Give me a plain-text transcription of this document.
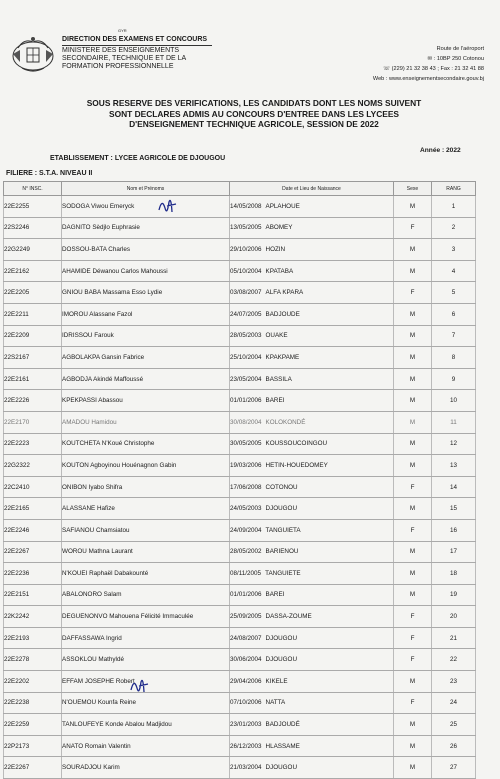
GYR
DIRECTION DES EXAMENS ET CONCOURS
MINISTERE DES ENSEIGNEMENTS
SECONDAIRE, TECHNIQUE ET DE LA
FORMATION PROFESSIONNELLE
Route de l'aéroport
✉ : 10BP 250 Cotonou
☏ (229) 21 32 38 43 ; Fax : 21 32 41 88
Web : www.enseignementsecondaire.gouv.bj
SOUS RESERVE DES VERIFICATIONS, LES CANDIDATS DONT LES NOMS SUIVENT
SONT DECLARES ADMIS AU CONCOURS D'ENTREE DANS LES LYCEES
D'ENSEIGNEMENT TECHNIQUE AGRICOLE, SESSION DE 2022
Année : 2022
ETABLISSEMENT : LYCEE AGRICOLE DE DJOUGOU
FILIERE : S.T.A. NIVEAU II
N° INSC.	Nom et Prénoms	Date et Lieu de Naissance	Sexe	RANG
22E2255	SODOGA Viwou Emeryck	14/05/2008 APLAHOUE	M	1
22S2246	DAGNITO Sèdjlo Euphrasie	13/05/2005 ABOMEY	F	2
22G2249	DOSSOU-BATA Charles	29/10/2006 HOZIN	M	3
22E2162	AHAMIDE Déwanou Carlos Mahoussi	05/10/2004 KPATABA	M	4
22E2205	GNIOU BABA Massama Esso Lydie	03/08/2007 ALFA KPARA	F	5
22E2211	IMOROU Alassane Fazol	24/07/2005 BADJOUDE	M	6
22E2209	IDRISSOU Farouk	28/05/2003 OUAKE	M	7
22S2167	AGBOLAKPA Gansin Fabrice	25/10/2004 KPAKPAME	M	8
22E2161	AGBODJA Akindé Maffoussé	23/05/2004 BASSILA	M	9
22E2226	KPEKPASSI Abassou	01/01/2006 BAREI	M	10
22E2170	AMADOU Hamidou	30/08/2004 KOLOKONDÉ	M	11
22E2223	KOUTCHETA N'Koué Christophe	30/05/2005 KOUSSOUCOINGOU	M	12
22G2322	KOUTON Agboyinou Houénagnon Gabin	19/03/2006 HETIN-HOUEDOMEY	M	13
22C2410	ONIBON Iyabo Shifra	17/06/2008 COTONOU	F	14
22E2165	ALASSANE Hafize	24/05/2003 DJOUGOU	M	15
22E2246	SAFIANOU Chamsiatou	24/09/2004 TANGUIETA	F	16
22E2267	WOROU Mathna Laurant	28/05/2002 BARIENOU	M	17
22E2236	N'KOUEI Raphaël Dabakounté	08/11/2005 TANGUIETE	M	18
22E2151	ABALONORO Salam	01/01/2006 BAREI	M	19
22K2242	DEGUENONVO Mahouena Félicité Immaculée	25/09/2005 DASSA-ZOUME	F	20
22E2193	DAFFASSAWA Ingrid	24/08/2007 DJOUGOU	F	21
22E2278	ASSOKLOU Mathyldé	30/06/2004 DJOUGOU	F	22
22E2202	EFFAM JOSEPHE Robert	29/04/2006 KIKELE	M	23
22E2238	N'OUEMOU Kounfa Reine	07/10/2006 NATTA	F	24
22E2259	TANLOUFEYE Konde Abalou Madjidou	23/01/2003 BADJOUDÉ	M	25
22P2173	ANATO Romain Valentin	26/12/2003 HLASSAME	M	26
22E2267	SOURADJOU Karim	21/03/2004 DJOUGOU	M	27
